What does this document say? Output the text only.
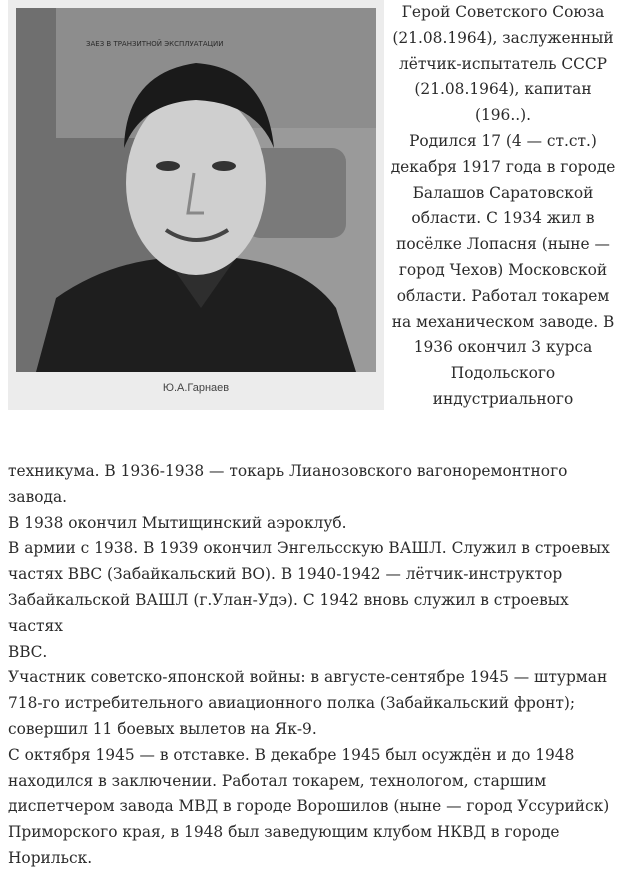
ЗАЕЗ В ТРАНЗИТНОЙ ЭКСПЛУАТАЦИИ
Ю.А.Гарнаев

Герой Советского Союза

(21.08.1964), заслуженный

лётчик-испытатель СССР

(21.08.1964), капитан

(196..).

Родился 17 (4 — ст.ст.)

декабря 1917 года в городе

Балашов Саратовской

области. С 1934 жил в

посёлке Лопасня (ныне —

город Чехов) Московской

области. Работал токарем

на механическом заводе. В

1936 окончил 3 курса

Подольского

индустриального

техникума. В 1936-1938 — токарь Лианозовского вагоноремонтного завода.

В 1938 окончил Мытищинский аэроклуб.

В армии с 1938. В 1939 окончил Энгельсскую ВАШЛ. Служил в строевых

частях ВВС (Забайкальский ВО). В 1940-1942 — лётчик-инструктор

Забайкальской ВАШЛ (г.Улан-Удэ). С 1942 вновь служил в строевых частях

ВВС.

Участник советско-японской войны: в августе-сентябре 1945 — штурман

718-го истребительного авиационного полка (Забайкальский фронт);

совершил 11 боевых вылетов на Як-9.

С октября 1945 — в отставке. В декабре 1945 был осуждён и до 1948

находился в заключении. Работал токарем, технологом, старшим

диспетчером завода МВД в городе Ворошилов (ныне — город Уссурийск)

Приморского края, в 1948 был заведующим клубом НКВД в городе

Норильск.
